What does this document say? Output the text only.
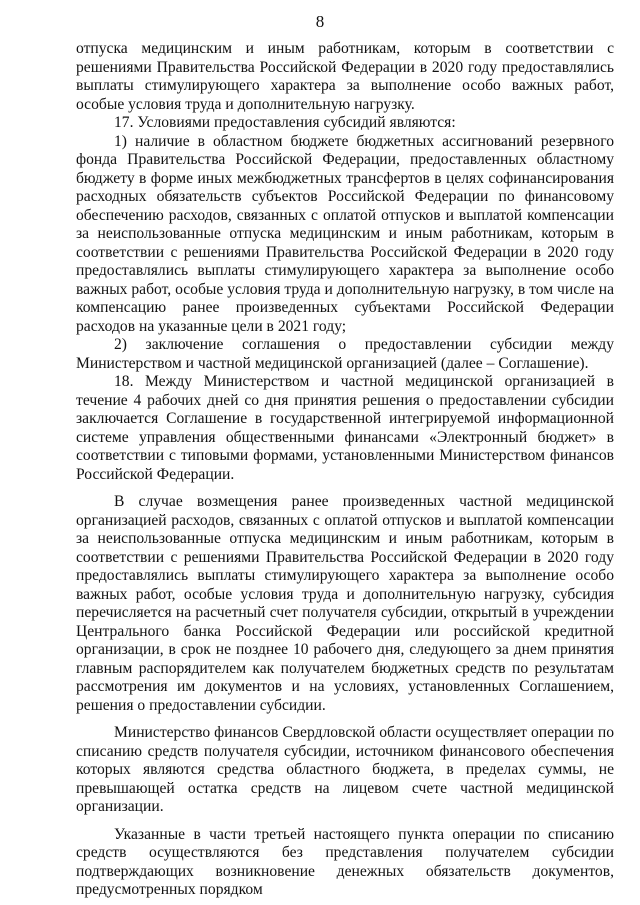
8

отпуска медицинским и иным работникам, которым в соответствии с решениями Правительства Российской Федерации в 2020 году предоставлялись выплаты стимулирующего характера за выполнение особо важных работ, особые условия труда и дополнительную нагрузку.

17. Условиями предоставления субсидий являются:

1) наличие в областном бюджете бюджетных ассигнований резервного фонда Правительства Российской Федерации, предоставленных областному бюджету в форме иных межбюджетных трансфертов в целях софинансирования расходных обязательств субъектов Российской Федерации по финансовому обеспечению расходов, связанных с оплатой отпусков и выплатой компенсации за неиспользованные отпуска медицинским и иным работникам, которым в соответствии с решениями Правительства Российской Федерации в 2020 году предоставлялись выплаты стимулирующего характера за выполнение особо важных работ, особые условия труда и дополнительную нагрузку, в том числе на компенсацию ранее произведенных субъектами Российской Федерации расходов на указанные цели в 2021 году;

2) заключение соглашения о предоставлении субсидии между Министерством и частной медицинской организацией (далее – Соглашение).

18. Между Министерством и частной медицинской организацией в течение 4 рабочих дней со дня принятия решения о предоставлении субсидии заключается Соглашение в государственной интегрируемой информационной системе управления общественными финансами «Электронный бюджет» в соответствии с типовыми формами, установленными Министерством финансов Российской Федерации.

В случае возмещения ранее произведенных частной медицинской организацией расходов, связанных с оплатой отпусков и выплатой компенсации за неиспользованные отпуска медицинским и иным работникам, которым в соответствии с решениями Правительства Российской Федерации в 2020 году предоставлялись выплаты стимулирующего характера за выполнение особо важных работ, особые условия труда и дополнительную нагрузку, субсидия перечисляется на расчетный счет получателя субсидии, открытый в учреждении Центрального банка Российской Федерации или российской кредитной организации, в срок не позднее 10 рабочего дня, следующего за днем принятия главным распорядителем как получателем бюджетных средств по результатам рассмотрения им документов и на условиях, установленных Соглашением, решения о предоставлении субсидии.

Министерство финансов Свердловской области осуществляет операции по списанию средств получателя субсидии, источником финансового обеспечения которых являются средства областного бюджета, в пределах суммы, не превышающей остатка средств на лицевом счете частной медицинской организации.

Указанные в части третьей настоящего пункта операции по списанию средств осуществляются без представления получателем субсидии подтверждающих возникновение денежных обязательств документов, предусмотренных порядком
